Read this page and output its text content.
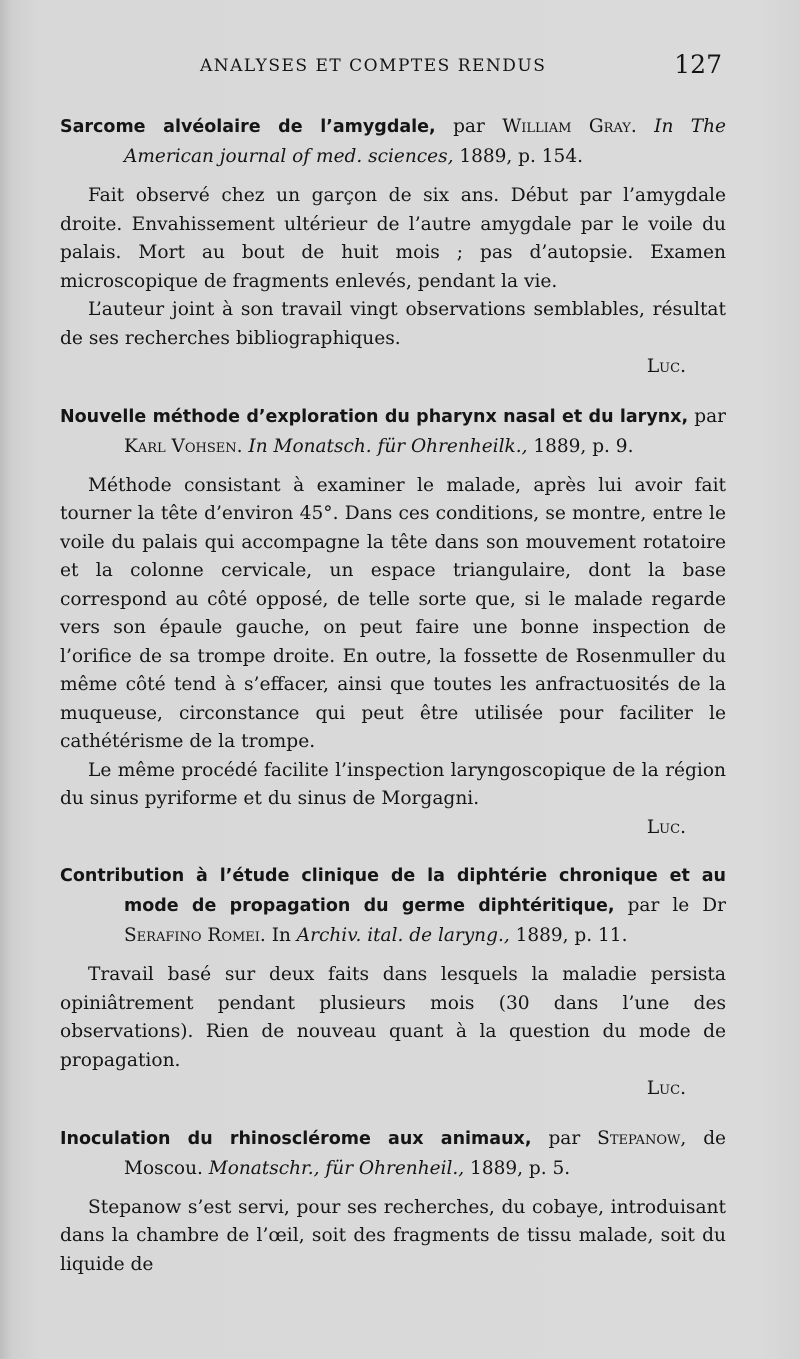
ANALYSES ET COMPTES RENDUS	127

Sarcome alvéolaire de l’amygdale, par William Gray. In The American journal of med. sciences, 1889, p. 154.

Fait observé chez un garçon de six ans. Début par l’amygdale droite. Envahissement ultérieur de l’autre amygdale par le voile du palais. Mort au bout de huit mois ; pas d’autopsie. Examen microscopique de fragments enlevés, pendant la vie.

L’auteur joint à son travail vingt observations semblables, résultat de ses recherches bibliographiques.

Luc.

Nouvelle méthode d’exploration du pharynx nasal et du larynx, par Karl Vohsen. In Monatsch. für Ohrenheilk., 1889, p. 9.

Méthode consistant à examiner le malade, après lui avoir fait tourner la tête d’environ 45°. Dans ces conditions, se montre, entre le voile du palais qui accompagne la tête dans son mouvement rotatoire et la colonne cervicale, un espace triangulaire, dont la base correspond au côté opposé, de telle sorte que, si le malade regarde vers son épaule gauche, on peut faire une bonne inspection de l’orifice de sa trompe droite. En outre, la fossette de Rosenmuller du même côté tend à s’effacer, ainsi que toutes les anfractuosités de la muqueuse, circonstance qui peut être utilisée pour faciliter le cathétérisme de la trompe.

Le même procédé facilite l’inspection laryngoscopique de la région du sinus pyriforme et du sinus de Morgagni.

Luc.

Contribution à l’étude clinique de la diphtérie chronique et au mode de propagation du germe diphtéritique, par le Dr Serafino Romei. In Archiv. ital. de laryng., 1889, p. 11.

Travail basé sur deux faits dans lesquels la maladie persista opiniâtrement pendant plusieurs mois (30 dans l’une des observations). Rien de nouveau quant à la question du mode de propagation.

Luc.

Inoculation du rhinosclérome aux animaux, par Stepanow, de Moscou. Monatschr., für Ohrenheil., 1889, p. 5.

Stepanow s’est servi, pour ses recherches, du cobaye, introduisant dans la chambre de l’œil, soit des fragments de tissu malade, soit du liquide de
